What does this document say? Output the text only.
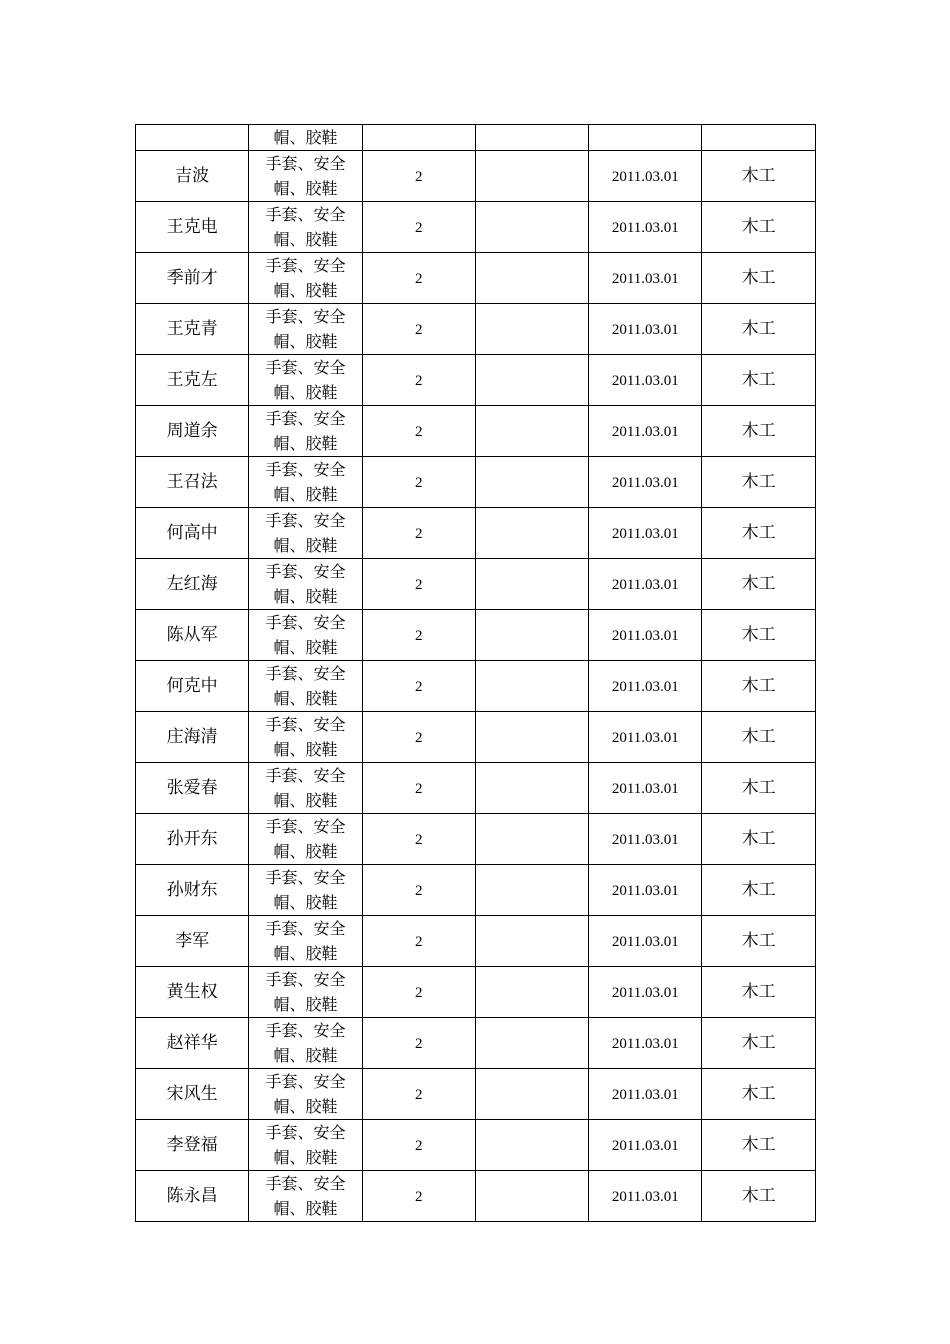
	帽、胶鞋				
吉波	手套、安全
帽、胶鞋	2		2011.03.01	木工
王克电	手套、安全
帽、胶鞋	2		2011.03.01	木工
季前才	手套、安全
帽、胶鞋	2		2011.03.01	木工
王克青	手套、安全
帽、胶鞋	2		2011.03.01	木工
王克左	手套、安全
帽、胶鞋	2		2011.03.01	木工
周道余	手套、安全
帽、胶鞋	2		2011.03.01	木工
王召法	手套、安全
帽、胶鞋	2		2011.03.01	木工
何高中	手套、安全
帽、胶鞋	2		2011.03.01	木工
左红海	手套、安全
帽、胶鞋	2		2011.03.01	木工
陈从军	手套、安全
帽、胶鞋	2		2011.03.01	木工
何克中	手套、安全
帽、胶鞋	2		2011.03.01	木工
庄海清	手套、安全
帽、胶鞋	2		2011.03.01	木工
张爱春	手套、安全
帽、胶鞋	2		2011.03.01	木工
孙开东	手套、安全
帽、胶鞋	2		2011.03.01	木工
孙财东	手套、安全
帽、胶鞋	2		2011.03.01	木工
李军	手套、安全
帽、胶鞋	2		2011.03.01	木工
黄生权	手套、安全
帽、胶鞋	2		2011.03.01	木工
赵祥华	手套、安全
帽、胶鞋	2		2011.03.01	木工
宋风生	手套、安全
帽、胶鞋	2		2011.03.01	木工
李登福	手套、安全
帽、胶鞋	2		2011.03.01	木工
陈永昌	手套、安全
帽、胶鞋	2		2011.03.01	木工
